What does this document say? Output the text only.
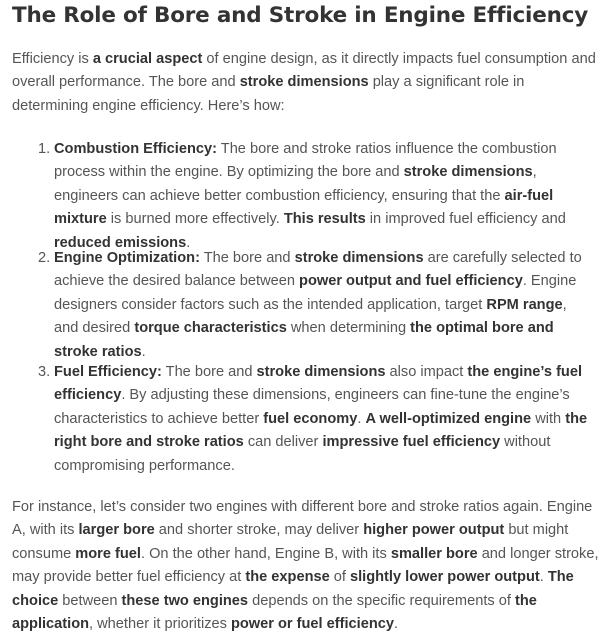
The Role of Bore and Stroke in Engine Efficiency

Efficiency is a crucial aspect of engine design, as it directly impacts fuel consumption and overall performance. The bore and stroke dimensions play a significant role in determining engine efficiency. Here’s how:

1. Combustion Efficiency: The bore and stroke ratios influence the combustion process within the engine. By optimizing the bore and stroke dimensions, engineers can achieve better combustion efficiency, ensuring that the air-fuel mixture is burned more effectively. This results in improved fuel efficiency and reduced emissions.

2. Engine Optimization: The bore and stroke dimensions are carefully selected to achieve the desired balance between power output and fuel efficiency. Engine designers consider factors such as the intended application, target RPM range, and desired torque characteristics when determining the optimal bore and stroke ratios.

3. Fuel Efficiency: The bore and stroke dimensions also impact the engine’s fuel efficiency. By adjusting these dimensions, engineers can fine-tune the engine’s characteristics to achieve better fuel economy. A well-optimized engine with the right bore and stroke ratios can deliver impressive fuel efficiency without compromising performance.

For instance, let’s consider two engines with different bore and stroke ratios again. Engine A, with its larger bore and shorter stroke, may deliver higher power output but might consume more fuel. On the other hand, Engine B, with its smaller bore and longer stroke, may provide better fuel efficiency at the expense of slightly lower power output. The choice between these two engines depends on the specific requirements of the application, whether it prioritizes power or fuel efficiency.
